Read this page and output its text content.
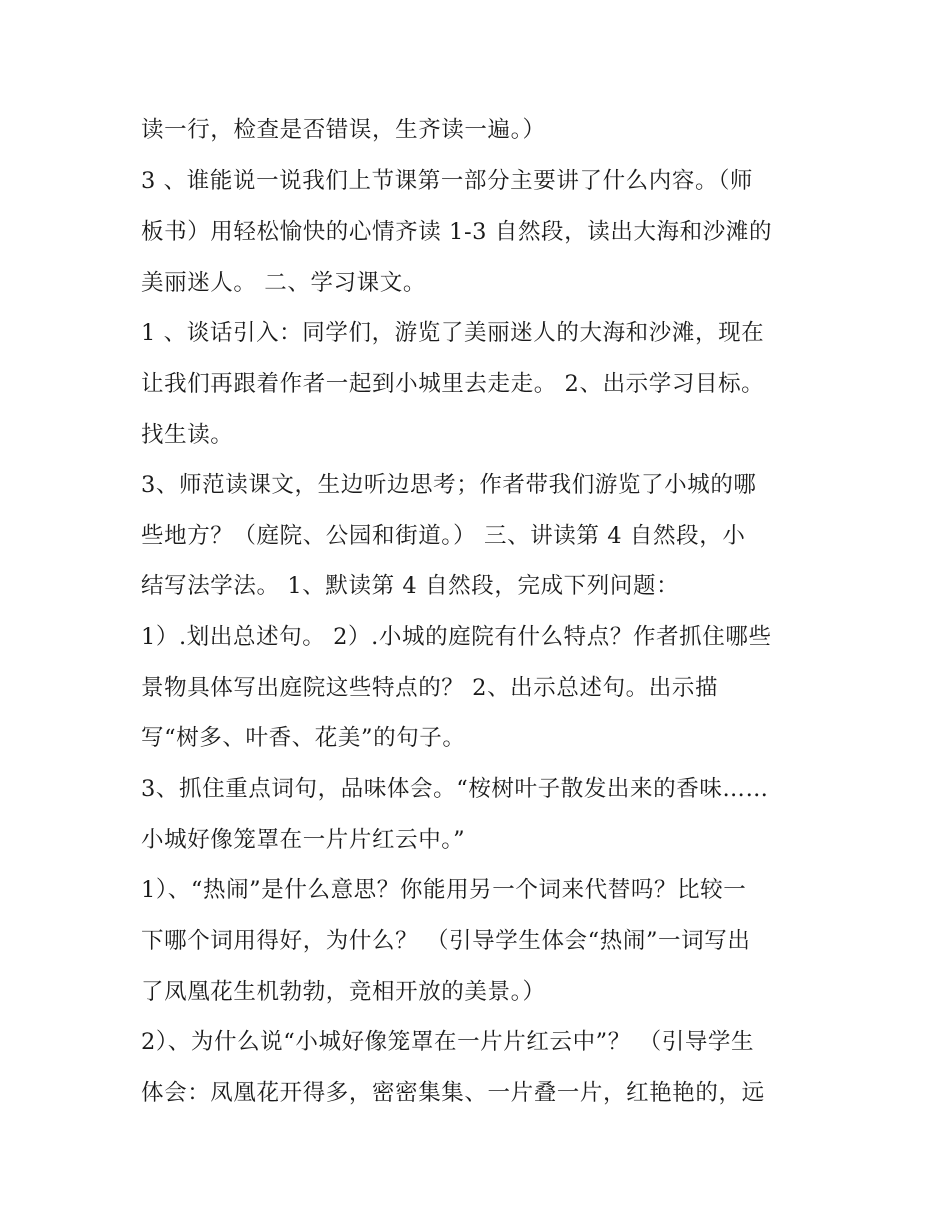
读一行，检查是否错误，生齐读一遍。）
3 、谁能说一说我们上节课第一部分主要讲了什么内容。（师
板书）用轻松愉快的心情齐读 1-3 自然段，读出大海和沙滩的
美丽迷人。 二、学习课文。
1 、谈话引入：同学们，游览了美丽迷人的大海和沙滩，现在
让我们再跟着作者一起到小城里去走走。 2、出示学习目标。
找生读。
3、师范读课文，生边听边思考；作者带我们游览了小城的哪
些地方？（庭院、公园和街道。） 三、讲读第 4 自然段，小
结写法学法。 1、默读第 4 自然段，完成下列问题：
1）.划出总述句。 2）.小城的庭院有什么特点？作者抓住哪些
景物具体写出庭院这些特点的？ 2、出示总述句。出示描
写“树多、叶香、花美”的句子。
3、抓住重点词句，品味体会。“桉树叶子散发出来的香味……
小城好像笼罩在一片片红云中。”
1）、“热闹”是什么意思？你能用另一个词来代替吗？比较一
下哪个词用得好，为什么？ （引导学生体会“热闹”一词写出
了凤凰花生机勃勃，竞相开放的美景。）
2）、为什么说“小城好像笼罩在一片片红云中”？ （引导学生
体会：凤凰花开得多，密密集集、一片叠一片，红艳艳的，远
